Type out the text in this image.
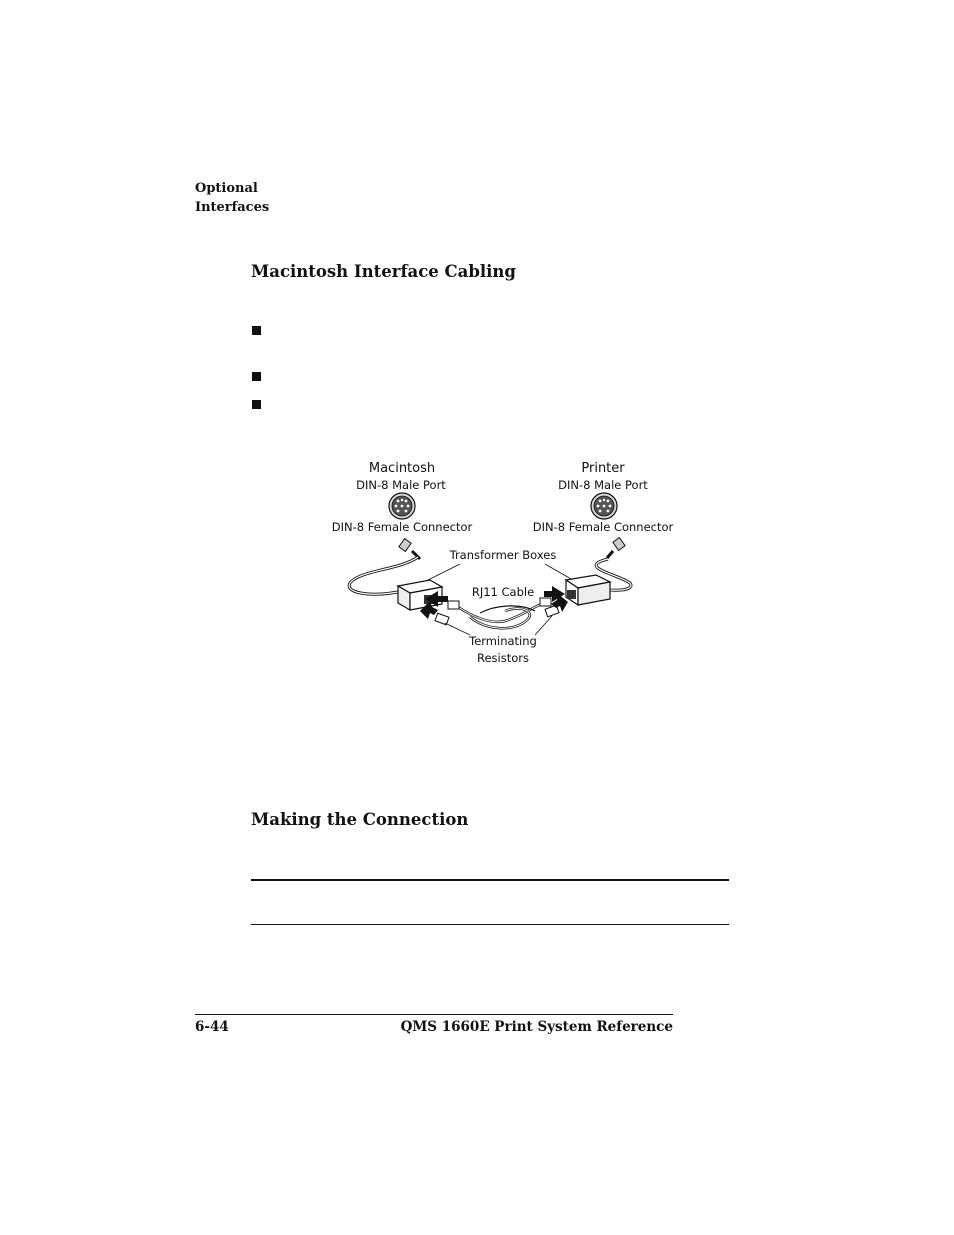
Optional
Interfaces
Macintosh Interface Cabling
Macintosh
DIN-8 Male Port
Printer
DIN-8 Male Port
DIN-8 Female Connector	DIN-8 Female Connector
Transformer Boxes
RJ11 Cable
Terminating
Resistors
Making the Connection
6-44	QMS 1660E Print System Reference
